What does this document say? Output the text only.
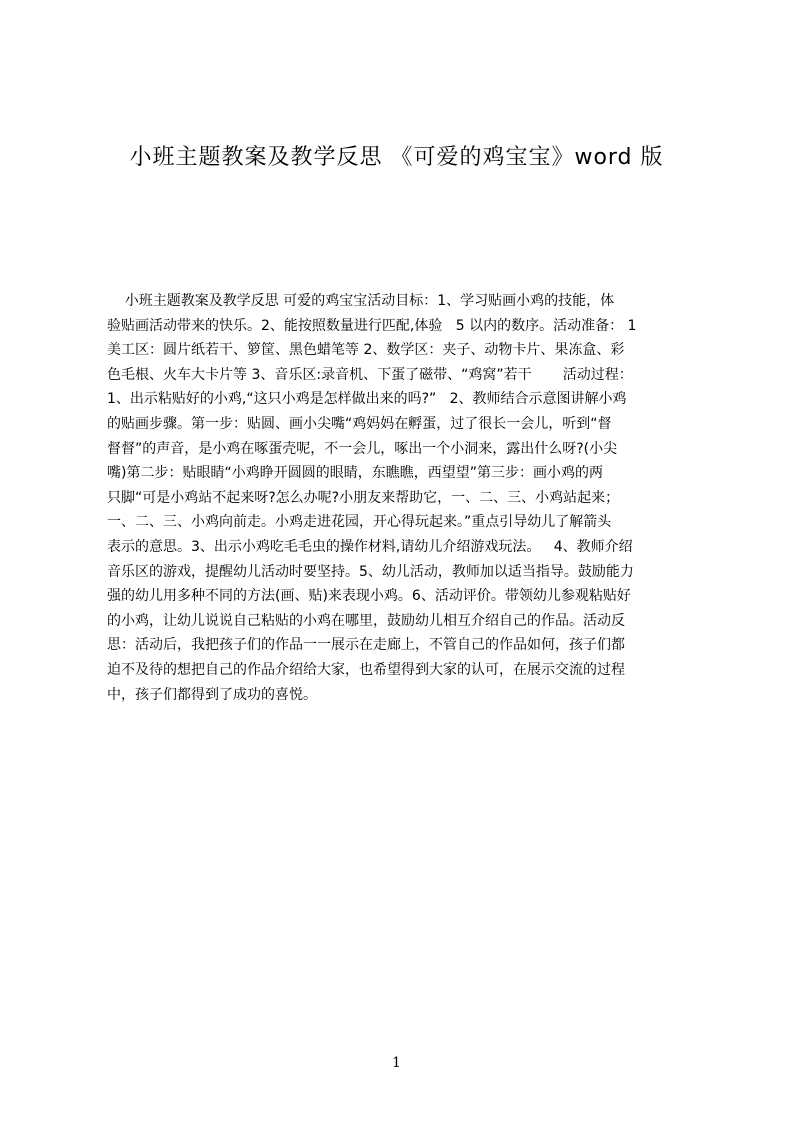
小班主题教案及教学反思 《可爱的鸡宝宝》word 版
小班主题教案及教学反思 可爱的鸡宝宝活动目标：1、学习贴画小鸡的技能，体
验贴画活动带来的快乐。2、能按照数量进行匹配,体验   5 以内的数序。活动准备： 1
美工区：圆片纸若干、箩筐、黑色蜡笔等 2、数学区：夹子、动物卡片、果冻盒、彩
色毛根、火车大卡片等 3、音乐区:录音机、下蛋了磁带、“鸡窝”若干       活动过程：
1、出示粘贴好的小鸡,“这只小鸡是怎样做出来的吗?”   2、教师结合示意图讲解小鸡
的贴画步骤。第一步：贴圆、画小尖嘴“鸡妈妈在孵蛋，过了很长一会儿，听到“督
督督”的声音，是小鸡在啄蛋壳呢，不一会儿，啄出一个小洞来，露出什么呀?(小尖
嘴)第二步：贴眼睛“小鸡睁开圆圆的眼睛，东瞧瞧，西望望”第三步：画小鸡的两
只脚“可是小鸡站不起来呀?怎么办呢?小朋友来帮助它，一、二、三、小鸡站起来；
一、二、三、小鸡向前走。小鸡走进花园，开心得玩起来。”重点引导幼儿了解箭头
表示的意思。3、出示小鸡吃毛毛虫的操作材料,请幼儿介绍游戏玩法。   4、教师介绍
音乐区的游戏，提醒幼儿活动时要坚持。5、幼儿活动，教师加以适当指导。鼓励能力
强的幼儿用多种不同的方法(画、贴)来表现小鸡。6、活动评价。带领幼儿参观粘贴好
的小鸡，让幼儿说说自己粘贴的小鸡在哪里，鼓励幼儿相互介绍自己的作品。活动反
思：活动后，我把孩子们的作品一一展示在走廊上，不管自己的作品如何，孩子们都
迫不及待的想把自己的作品介绍给大家，也希望得到大家的认可，在展示交流的过程
中，孩子们都得到了成功的喜悦。
1
